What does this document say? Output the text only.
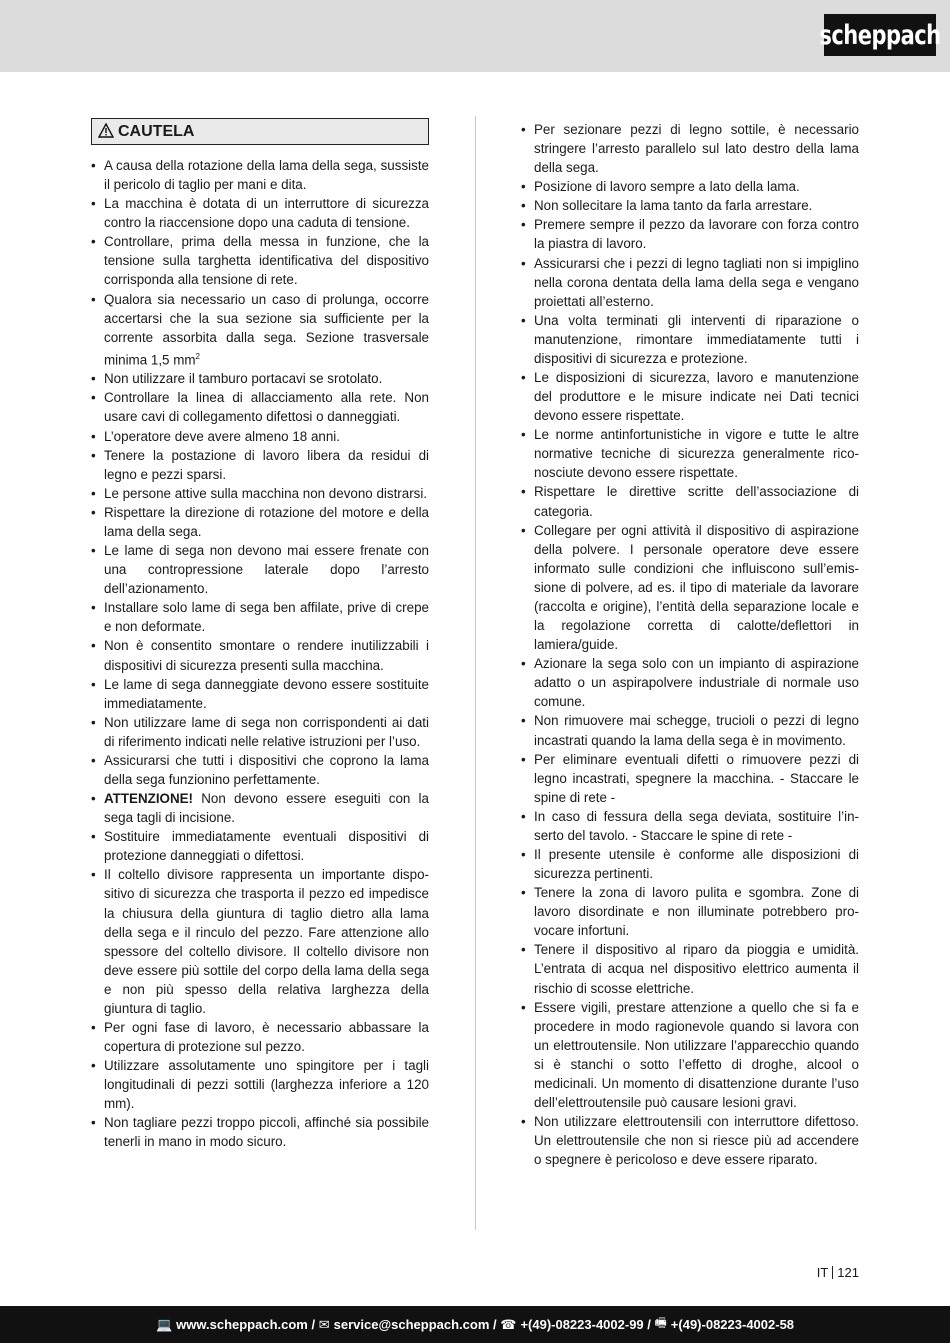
scheppach
CAUTELA
• A causa della rotazione della lama della sega, sussiste il pericolo di taglio per mani e dita.
• La macchina è dotata di un interruttore di sicurezza contro la riaccensione dopo una caduta di tensione.
• Controllare, prima della messa in funzione, che la tensione sulla targhetta identificativa del dispositivo corrisponda alla tensione di rete.
• Qualora sia necessario un caso di prolunga, occorre accertarsi che la sua sezione sia sufficiente per la corrente assorbita dalla sega. Sezione trasversale minima 1,5 $mm^2$
• Non utilizzare il tamburo portacavi se srotolato.
• Controllare la linea di allacciamento alla rete. Non usare cavi di collegamento difettosi o danneggiati.
• L’operatore deve avere almeno 18 anni.
• Tenere la postazione di lavoro libera da residui di legno e pezzi sparsi.
• Le persone attive sulla macchina non devono distrarsi.
• Rispettare la direzione di rotazione del motore e della lama della sega.
• Le lame di sega non devono mai essere frenate con una contropressione laterale dopo l’arresto dell’azionamento.
• Installare solo lame di sega ben affilate, prive di crepe e non deformate.
• Non è consentito smontare o rendere inutilizzabili i dispositivi di sicurezza presenti sulla macchina.
• Le lame di sega danneggiate devono essere sostituite immediatamente.
• Non utilizzare lame di sega non corrispondenti ai dati di riferimento indicati nelle relative istruzioni per l’uso.
• Assicurarsi che tutti i dispositivi che coprono la lama della sega funzionino perfettamente.
• ATTENZIONE! Non devono essere eseguiti con la sega tagli di incisione.
• Sostituire immediatamente eventuali dispositivi di protezione danneggiati o difettosi.
• Il coltello divisore rappresenta un importante dispositivo di sicurezza che trasporta il pezzo ed impedisce la chiusura della giuntura di taglio dietro alla lama della sega e il rinculo del pezzo. Fare attenzione allo spessore del coltello divisore. Il coltello divisore non deve essere più sottile del corpo della lama della sega e non più spesso della relativa larghezza della giuntura di taglio.
• Per ogni fase di lavoro, è necessario abbassare la copertura di protezione sul pezzo.
• Utilizzare assolutamente uno spingitore per i tagli longitudinali di pezzi sottili (larghezza inferiore a 120 mm).
• Non tagliare pezzi troppo piccoli, affinché sia possibile tenerli in mano in modo sicuro.
• Per sezionare pezzi di legno sottile, è necessario stringere l’arresto parallelo sul lato destro della lama della sega.
• Posizione di lavoro sempre a lato della lama.
• Non sollecitare la lama tanto da farla arrestare.
• Premere sempre il pezzo da lavorare con forza contro la piastra di lavoro.
• Assicurarsi che i pezzi di legno tagliati non si impiglino nella corona dentata della lama della sega e vengano proiettati all’esterno.
• Una volta terminati gli interventi di riparazione o manutenzione, rimontare immediatamente tutti i dispositivi di sicurezza e protezione.
• Le disposizioni di sicurezza, lavoro e manutenzione del produttore e le misure indicate nei Dati tecnici devono essere rispettate.
• Le norme antinfortunistiche in vigore e tutte le altre normative tecniche di sicurezza generalmente riconosciute devono essere rispettate.
• Rispettare le direttive scritte dell’associazione di categoria.
• Collegare per ogni attività il dispositivo di aspirazione della polvere. I personale operatore deve essere informato sulle condizioni che influiscono sull’emissione di polvere, ad es. il tipo di materiale da lavorare (raccolta e origine), l’entità della separazione locale e la regolazione corretta di calotte/deflettori in lamiera/guide.
• Azionare la sega solo con un impianto di aspirazione adatto o un aspirapolvere industriale di normale uso comune.
• Non rimuovere mai schegge, trucioli o pezzi di legno incastrati quando la lama della sega è in movimento.
• Per eliminare eventuali difetti o rimuovere pezzi di legno incastrati, spegnere la macchina. - Staccare le spine di rete -
• In caso di fessura della sega deviata, sostituire l’inserto del tavolo. - Staccare le spine di rete -
• Il presente utensile è conforme alle disposizioni di sicurezza pertinenti.
• Tenere la zona di lavoro pulita e sgombra. Zone di lavoro disordinate e non illuminate potrebbero provocare infortuni.
• Tenere il dispositivo al riparo da pioggia e umidità. L’entrata di acqua nel dispositivo elettrico aumenta il rischio di scosse elettriche.
• Essere vigili, prestare attenzione a quello che si fa e procedere in modo ragionevole quando si lavora con un elettroutensile. Non utilizzare l’apparecchio quando si è stanchi o sotto l’effetto di droghe, alcool o medicinali. Un momento di disattenzione durante l’uso dell’elettroutensile può causare lesioni gravi.
• Non utilizzare elettroutensili con interruttore difettoso. Un elettroutensile che non si riesce più ad accendere o spegnere è pericoloso e deve essere riparato.
IT 121
💻 www.scheppach.com / ✉ service@scheppach.com / ☎ +(49)-08223-4002-99 / 🖷 +(49)-08223-4002-58
